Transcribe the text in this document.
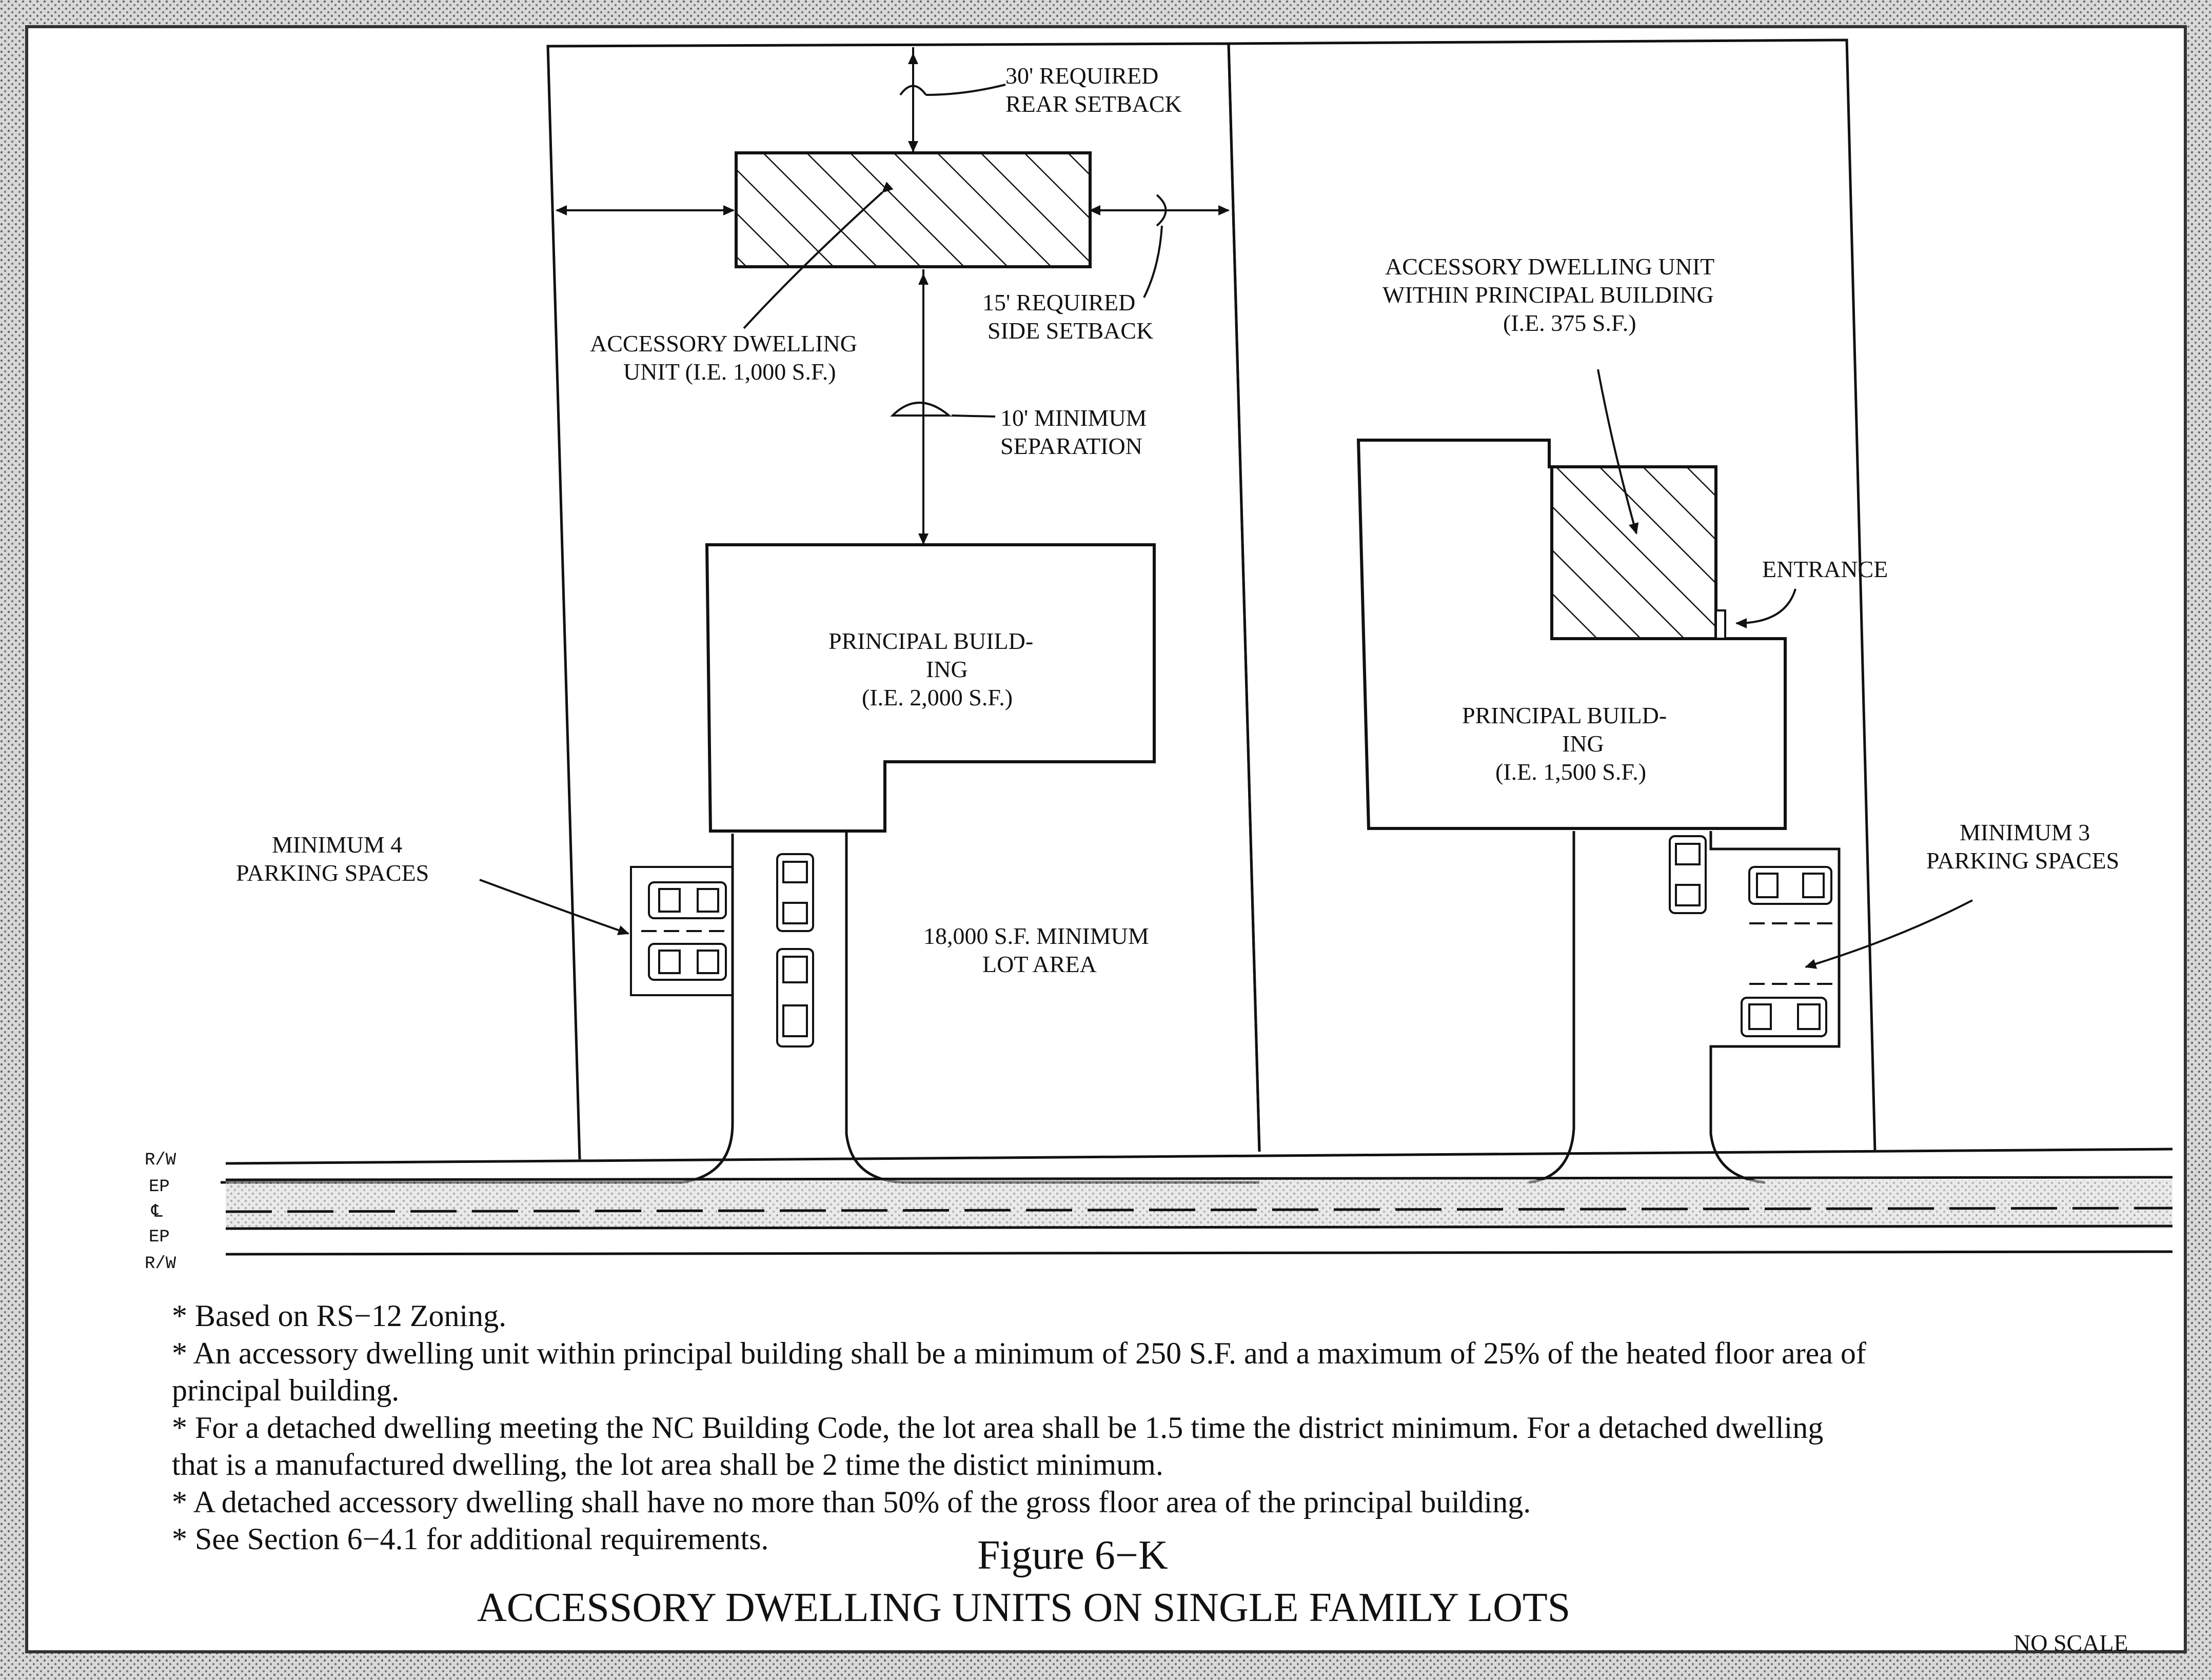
R/W
EP
℄
EP
R/W
30' REQUIRED
REAR SETBACK
15' REQUIRED
SIDE SETBACK
ACCESSORY DWELLING
UNIT (I.E. 1,000 S.F.)
10' MINIMUM
SEPARATION
PRINCIPAL BUILD-
ING
(I.E. 2,000 S.F.)
MINIMUM 4
PARKING SPACES
18,000 S.F. MINIMUM
LOT AREA
ACCESSORY DWELLING UNIT
WITHIN PRINCIPAL BUILDING
(I.E. 375 S.F.)
ENTRANCE
PRINCIPAL BUILD-
ING
(I.E. 1,500 S.F.)
MINIMUM 3
PARKING SPACES
* Based on RS−12 Zoning.
* An accessory dwelling unit within principal building shall be a minimum of 250 S.F. and a maximum of 25% of the heated floor area of
principal building.
* For a detached dwelling meeting the NC Building Code, the lot area shall be 1.5 time the district minimum. For a detached dwelling
that is a manufactured dwelling, the lot area shall be 2 time the distict minimum.
* A detached accessory dwelling shall have no more than 50% of the gross floor area of the principal building.
* See Section 6−4.1 for additional requirements.	Figure 6−K
ACCESSORY DWELLING UNITS ON SINGLE FAMILY LOTS
NO SCALE
